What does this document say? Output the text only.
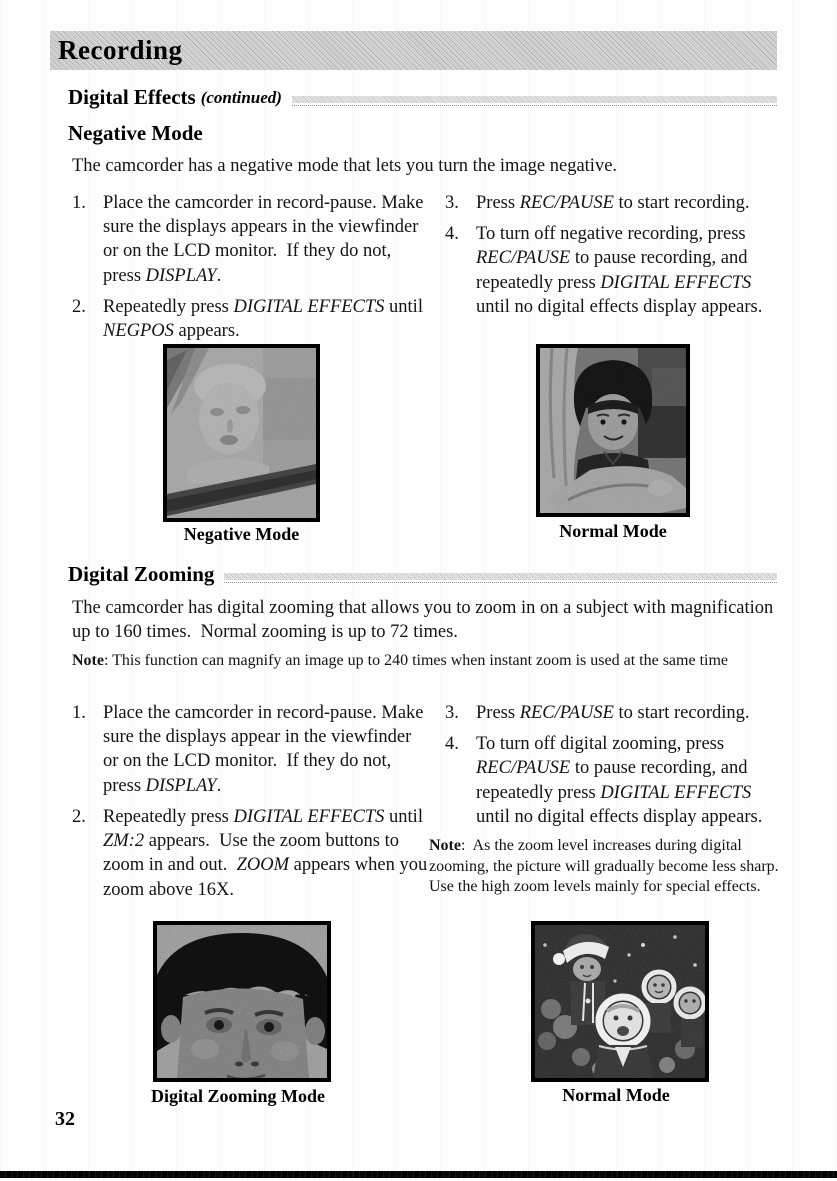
Recording
Digital Effects (continued)
Negative Mode
The camcorder has a negative mode that lets you turn the image negative.
1. Place the camcorder in record-pause. Make sure the displays appears in the viewfinder or on the LCD monitor.  If they do not, press DISPLAY.
2. Repeatedly press DIGITAL EFFECTS until NEGPOS appears.
3. Press REC/PAUSE to start recording.
4. To turn off negative recording, press REC/PAUSE to pause recording, and repeatedly press DIGITAL EFFECTS until no digital effects display appears.
Negative Mode	Normal Mode
Digital Zooming
The camcorder has digital zooming that allows you to zoom in on a subject with magnification up to 160 times.  Normal zooming is up to 72 times.
Note: This function can magnify an image up to 240 times when instant zoom is used at the same time
1. Place the camcorder in record-pause. Make sure the displays appear in the viewfinder or on the LCD monitor.  If they do not, press DISPLAY.
2. Repeatedly press DIGITAL EFFECTS until ZM:2 appears.  Use the zoom buttons to zoom in and out.  ZOOM appears when you zoom above 16X.
3. Press REC/PAUSE to start recording.
4. To turn off digital zooming, press REC/PAUSE to pause recording, and repeatedly press DIGITAL EFFECTS until no digital effects display appears.
Note:  As the zoom level increases during digital zooming, the picture will gradually become less sharp.  Use the high zoom levels mainly for special effects.
Digital Zooming Mode	Normal Mode
32
